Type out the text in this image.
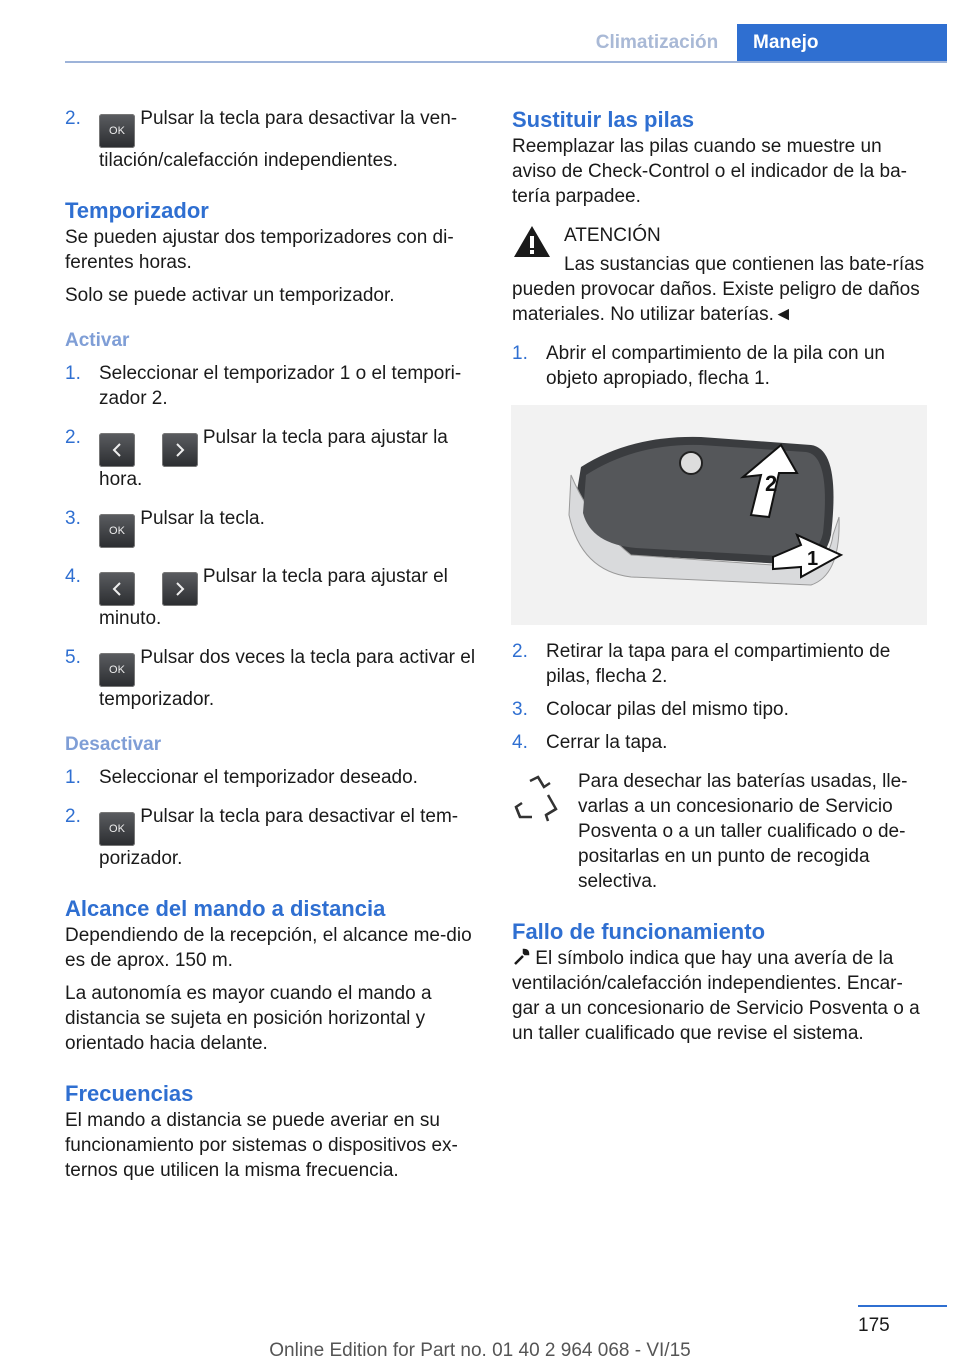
Climatización	Manejo
2.
OK Pulsar la tecla para desactivar la ven-tilación/calefacción independientes.

Temporizador

Se pueden ajustar dos temporizadores con di-ferentes horas.

Solo se puede activar un temporizador.

Activar

1. Seleccionar el temporizador 1 o el tempori-zador 2.
2.	Pulsar la tecla para ajustar la hora.
3.
OK Pulsar la tecla.
4.	Pulsar la tecla para ajustar el minuto.
5.
OK Pulsar dos veces la tecla para activar el temporizador.

Desactivar

1. Seleccionar el temporizador deseado.
2.
OK Pulsar la tecla para desactivar el tem-porizador.

Alcance del mando a distancia

Dependiendo de la recepción, el alcance me-dio es de aprox. 150 m.

La autonomía es mayor cuando el mando a distancia se sujeta en posición horizontal y orientado hacia delante.

Frecuencias

El mando a distancia se puede averiar en su funcionamiento por sistemas o dispositivos ex-ternos que utilicen la misma frecuencia.

Sustituir las pilas

Reemplazar las pilas cuando se muestre un aviso de Check-Control o el indicador de la ba-tería parpadee.

ATENCIÓN

Las sustancias que contienen las bate-rías pueden provocar daños. Existe peligro de daños materiales. No utilizar baterías.◄

1. Abrir el compartimiento de la pila con un objeto apropiado, flecha 1.
2
1
2. Retirar la tapa para el compartimiento de pilas, flecha 2.
3. Colocar pilas del mismo tipo.
4. Cerrar la tapa.

Para desechar las baterías usadas, lle-varlas a un concesionario de Servicio Posventa o a un taller cualificado o de-positarlas en un punto de recogida selectiva.

Fallo de funcionamiento

El símbolo indica que hay una avería de la ventilación/calefacción independientes. Encar-gar a un concesionario de Servicio Posventa o a un taller cualificado que revise el sistema.

175
Online Edition for Part no. 01 40 2 964 068 - VI/15
